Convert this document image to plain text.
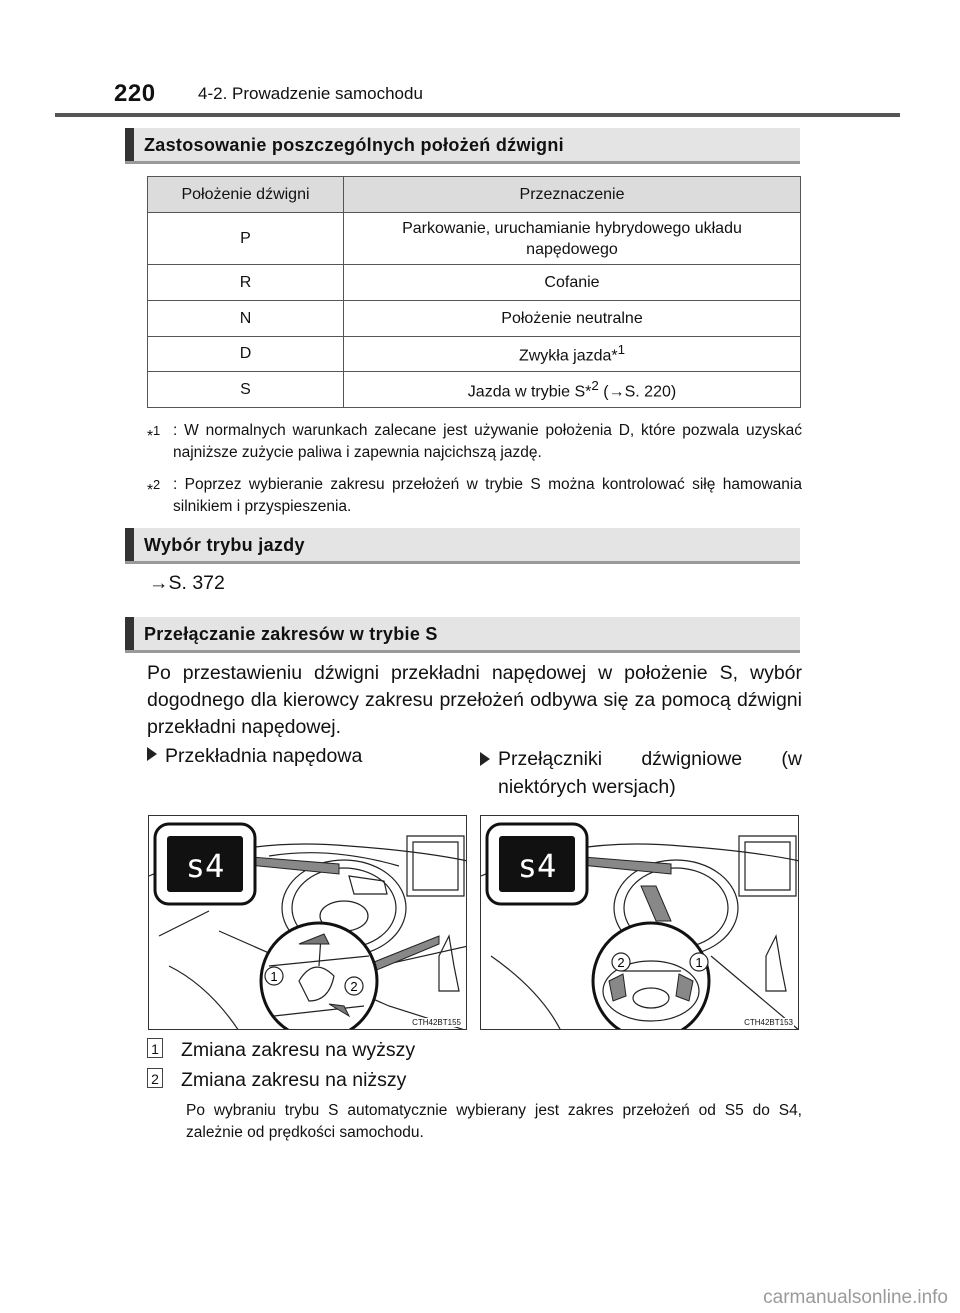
220 4-2. Prowadzenie samochodu
Zastosowanie poszczególnych położeń dźwigni
Położenie dźwigni	Przeznaczenie
P	Parkowanie, uruchamianie hybrydowego układu napędowego
R	Cofanie
N	Położenie neutralne
D	Zwykła jazda*$^1$
S	Jazda w trybie S*$^2$ (→S. 220)
*$^1$ : W normalnych warunkach zalecane jest używanie położenia D, które pozwala uzyskać najniższe zużycie paliwa i zapewnia najcichszą jazdę.
*$^2$ : Poprzez wybieranie zakresu przełożeń w trybie S można kontrolować siłę hamowania silnikiem i przyspieszenia.
Wybór trybu jazdy
→S. 372
Przełączanie zakresów w trybie S
Po przestawieniu dźwigni przekładni napędowej w położenie S, wybór dogodnego dla kierowcy zakresu przełożeń odbywa się za pomocą dźwigni przekładni napędowej.
Przekładnia napędowa	Przełączniki dźwigniowe (w niektórych wersjach)
s4
1
2
CTH42BT155
s4
2	1
CTH42BT153
1 Zmiana zakresu na wyższy
2 Zmiana zakresu na niższy
Po wybraniu trybu S automatycznie wybierany jest zakres przełożeń od S5 do S4, zależnie od prędkości samochodu.
carmanualsonline.info
